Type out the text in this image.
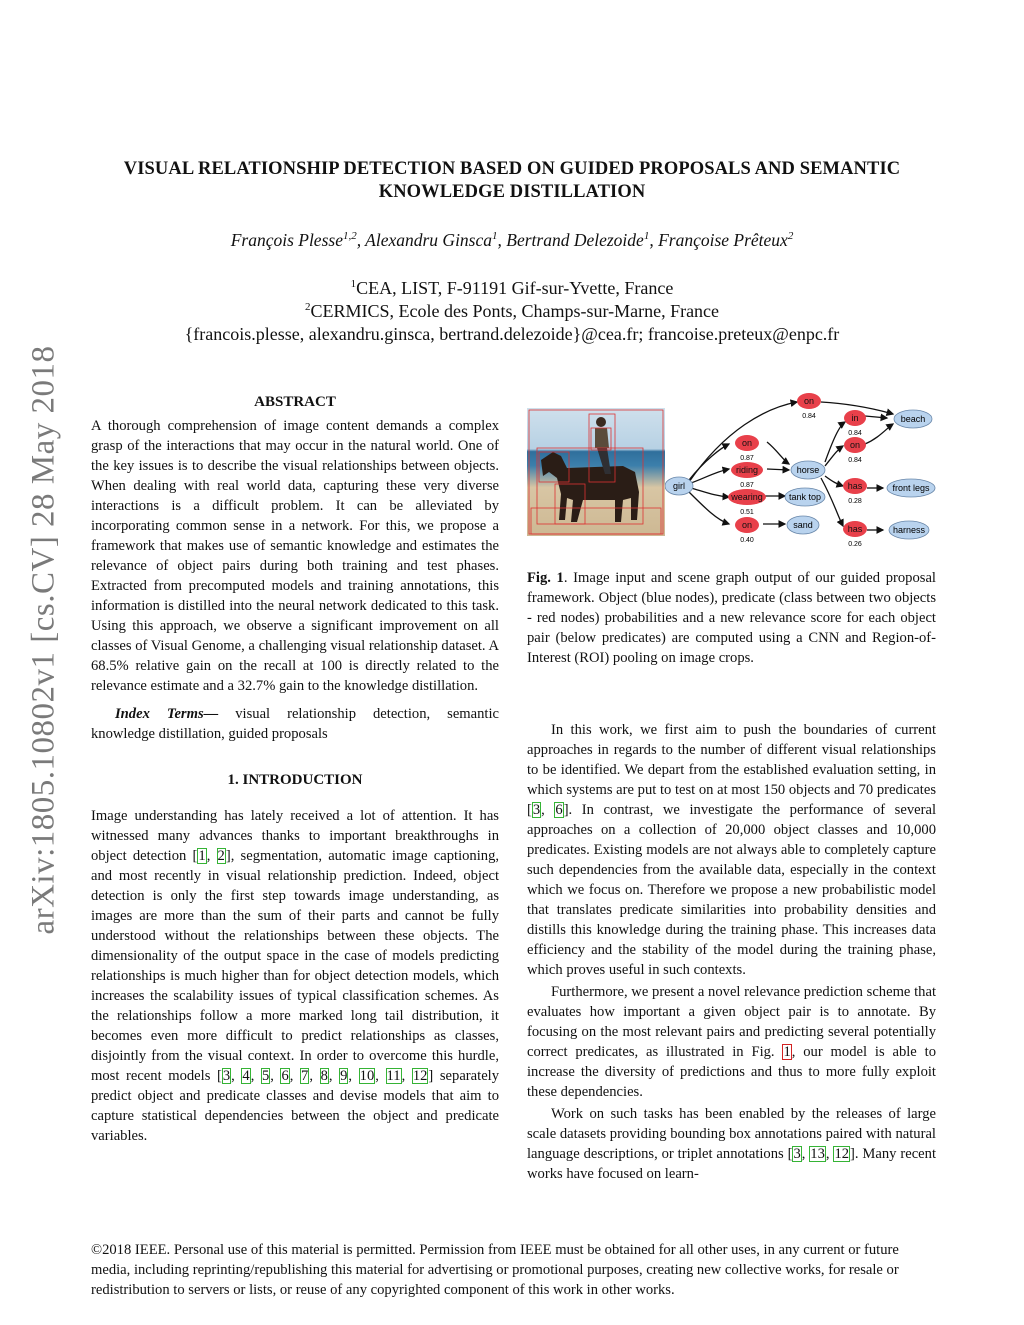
arXiv:1805.10802v1 [cs.CV] 28 May 2018
VISUAL RELATIONSHIP DETECTION BASED ON GUIDED PROPOSALS AND SEMANTIC
KNOWLEDGE DISTILLATION
François Plesse$^{1,2}$, Alexandru Ginsca$^1$, Bertrand Delezoide$^1$, Françoise Prêteux$^2$
$^1$CEA, LIST, F-91191 Gif-sur-Yvette, France
$^2$CERMICS, Ecole des Ponts, Champs-sur-Marne, France
{francois.plesse, alexandru.ginsca, bertrand.delezoide}@cea.fr; francoise.preteux@enpc.fr
ABSTRACT

A thorough comprehension of image content demands a complex grasp of the interactions that may occur in the natural world. One of the key issues is to describe the visual relationships between objects. When dealing with real world data, capturing these very diverse interactions is a difficult problem. It can be alleviated by incorporating common sense in a network. For this, we propose a framework that makes use of semantic knowledge and estimates the relevance of object pairs during both training and test phases. Extracted from precomputed models and training annotations, this information is distilled into the neural network dedicated to this task. Using this approach, we observe a significant improvement on all classes of Visual Genome, a challenging visual relationship dataset. A 68.5% relative gain on the recall at 100 is directly related to the relevance estimate and a 32.7% gain to the knowledge distillation.

Index Terms— visual relationship detection, semantic knowledge distillation, guided proposals

1. INTRODUCTION

Image understanding has lately received a lot of attention. It has witnessed many advances thanks to important breakthroughs in object detection [1, 2], segmentation, automatic image captioning, and most recently in visual relationship prediction. Indeed, object detection is only the first step towards image understanding, as images are more than the sum of their parts and cannot be fully understood without the relationships between these objects. The dimensionality of the output space in the case of models predicting relationships is much higher than for object detection models, which increases the scalability issues of typical classification schemes. As the relationships follow a more marked long tail distribution, it becomes even more difficult to predict relationships as classes, disjointly from the visual context. In order to overcome this hurdle, most recent models [3, 4, 5, 6, 7, 8, 9, 10, 11, 12] separately predict object and predicate classes and devise models that aim to capture statistical dependencies between the object and predicate variables.

girl
horse
beach
tank top
front legs
sand	harness
on
0.84	in
0.84
on
0.84
on
0.87
riding
0.87
wearing
0.51
on
0.40
has
0.28
has
0.26

Fig. 1. Image input and scene graph output of our guided proposal framework. Object (blue nodes), predicate (class between two objects - red nodes) probabilities and a new relevance score for each object pair (below predicates) are computed using a CNN and Region-of-Interest (ROI) pooling on image crops.

In this work, we first aim to push the boundaries of current approaches in regards to the number of different visual relationships to be identified. We depart from the established evaluation setting, in which systems are put to test on at most 150 objects and 70 predicates [3, 6]. In contrast, we investigate the performance of several approaches on a collection of 20,000 object classes and 10,000 predicates. Existing models are not always able to completely capture such dependencies from the available data, especially in the context which we focus on. Therefore we propose a new probabilistic model that translates predicate similarities into probability densities and distills this knowledge during the training phase. This increases data efficiency and the stability of the model during the training phase, which proves useful in such contexts.

Furthermore, we present a novel relevance prediction scheme that evaluates how important a given object pair is to annotate. By focusing on the most relevant pairs and predicting several potentially correct predicates, as illustrated in Fig. 1, our model is able to increase the diversity of predictions and thus to more fully exploit these dependencies.

Work on such tasks has been enabled by the releases of large scale datasets providing bounding box annotations paired with natural language descriptions, or triplet annotations [3, 13, 12]. Many recent works have focused on learn-

©2018 IEEE. Personal use of this material is permitted. Permission from IEEE must be obtained for all other uses, in any current or future media, including reprinting/republishing this material for advertising or promotional purposes, creating new collective works, for resale or redistribution to servers or lists, or reuse of any copyrighted component of this work in other works.
